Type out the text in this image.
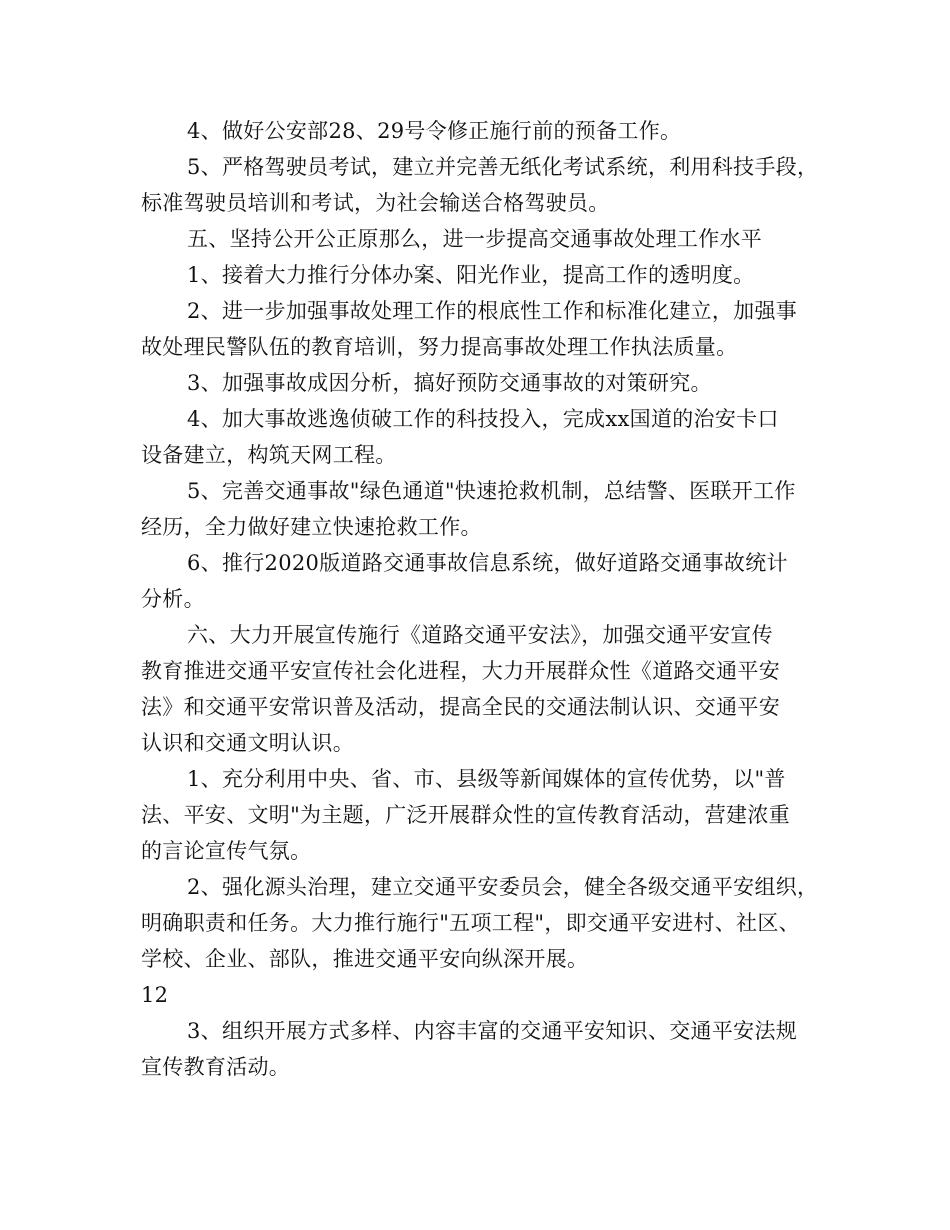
4、做好公安部28、29号令修正施行前的预备工作。
5、严格驾驶员考试，建立并完善无纸化考试系统，利用科技手段，
标准驾驶员培训和考试，为社会输送合格驾驶员。
五、坚持公开公正原那么，进一步提高交通事故处理工作水平
1、接着大力推行分体办案、阳光作业，提高工作的透明度。
2、进一步加强事故处理工作的根底性工作和标准化建立，加强事
故处理民警队伍的教育培训，努力提高事故处理工作执法质量。
3、加强事故成因分析，搞好预防交通事故的对策研究。
4、加大事故逃逸侦破工作的科技投入，完成xx国道的治安卡口
设备建立，构筑天网工程。
5、完善交通事故"绿色通道"快速抢救机制，总结警、医联开工作
经历，全力做好建立快速抢救工作。
6、推行2020版道路交通事故信息系统，做好道路交通事故统计
分析。
六、大力开展宣传施行《道路交通平安法》，加强交通平安宣传
教育推进交通平安宣传社会化进程，大力开展群众性《道路交通平安
法》和交通平安常识普及活动，提高全民的交通法制认识、交通平安
认识和交通文明认识。
1、充分利用中央、省、市、县级等新闻媒体的宣传优势，以"普
法、平安、文明"为主题，广泛开展群众性的宣传教育活动，营建浓重
的言论宣传气氛。
2、强化源头治理，建立交通平安委员会，健全各级交通平安组织，
明确职责和任务。大力推行施行"五项工程"，即交通平安进村、社区、
学校、企业、部队，推进交通平安向纵深开展。
12
3、组织开展方式多样、内容丰富的交通平安知识、交通平安法规
宣传教育活动。
